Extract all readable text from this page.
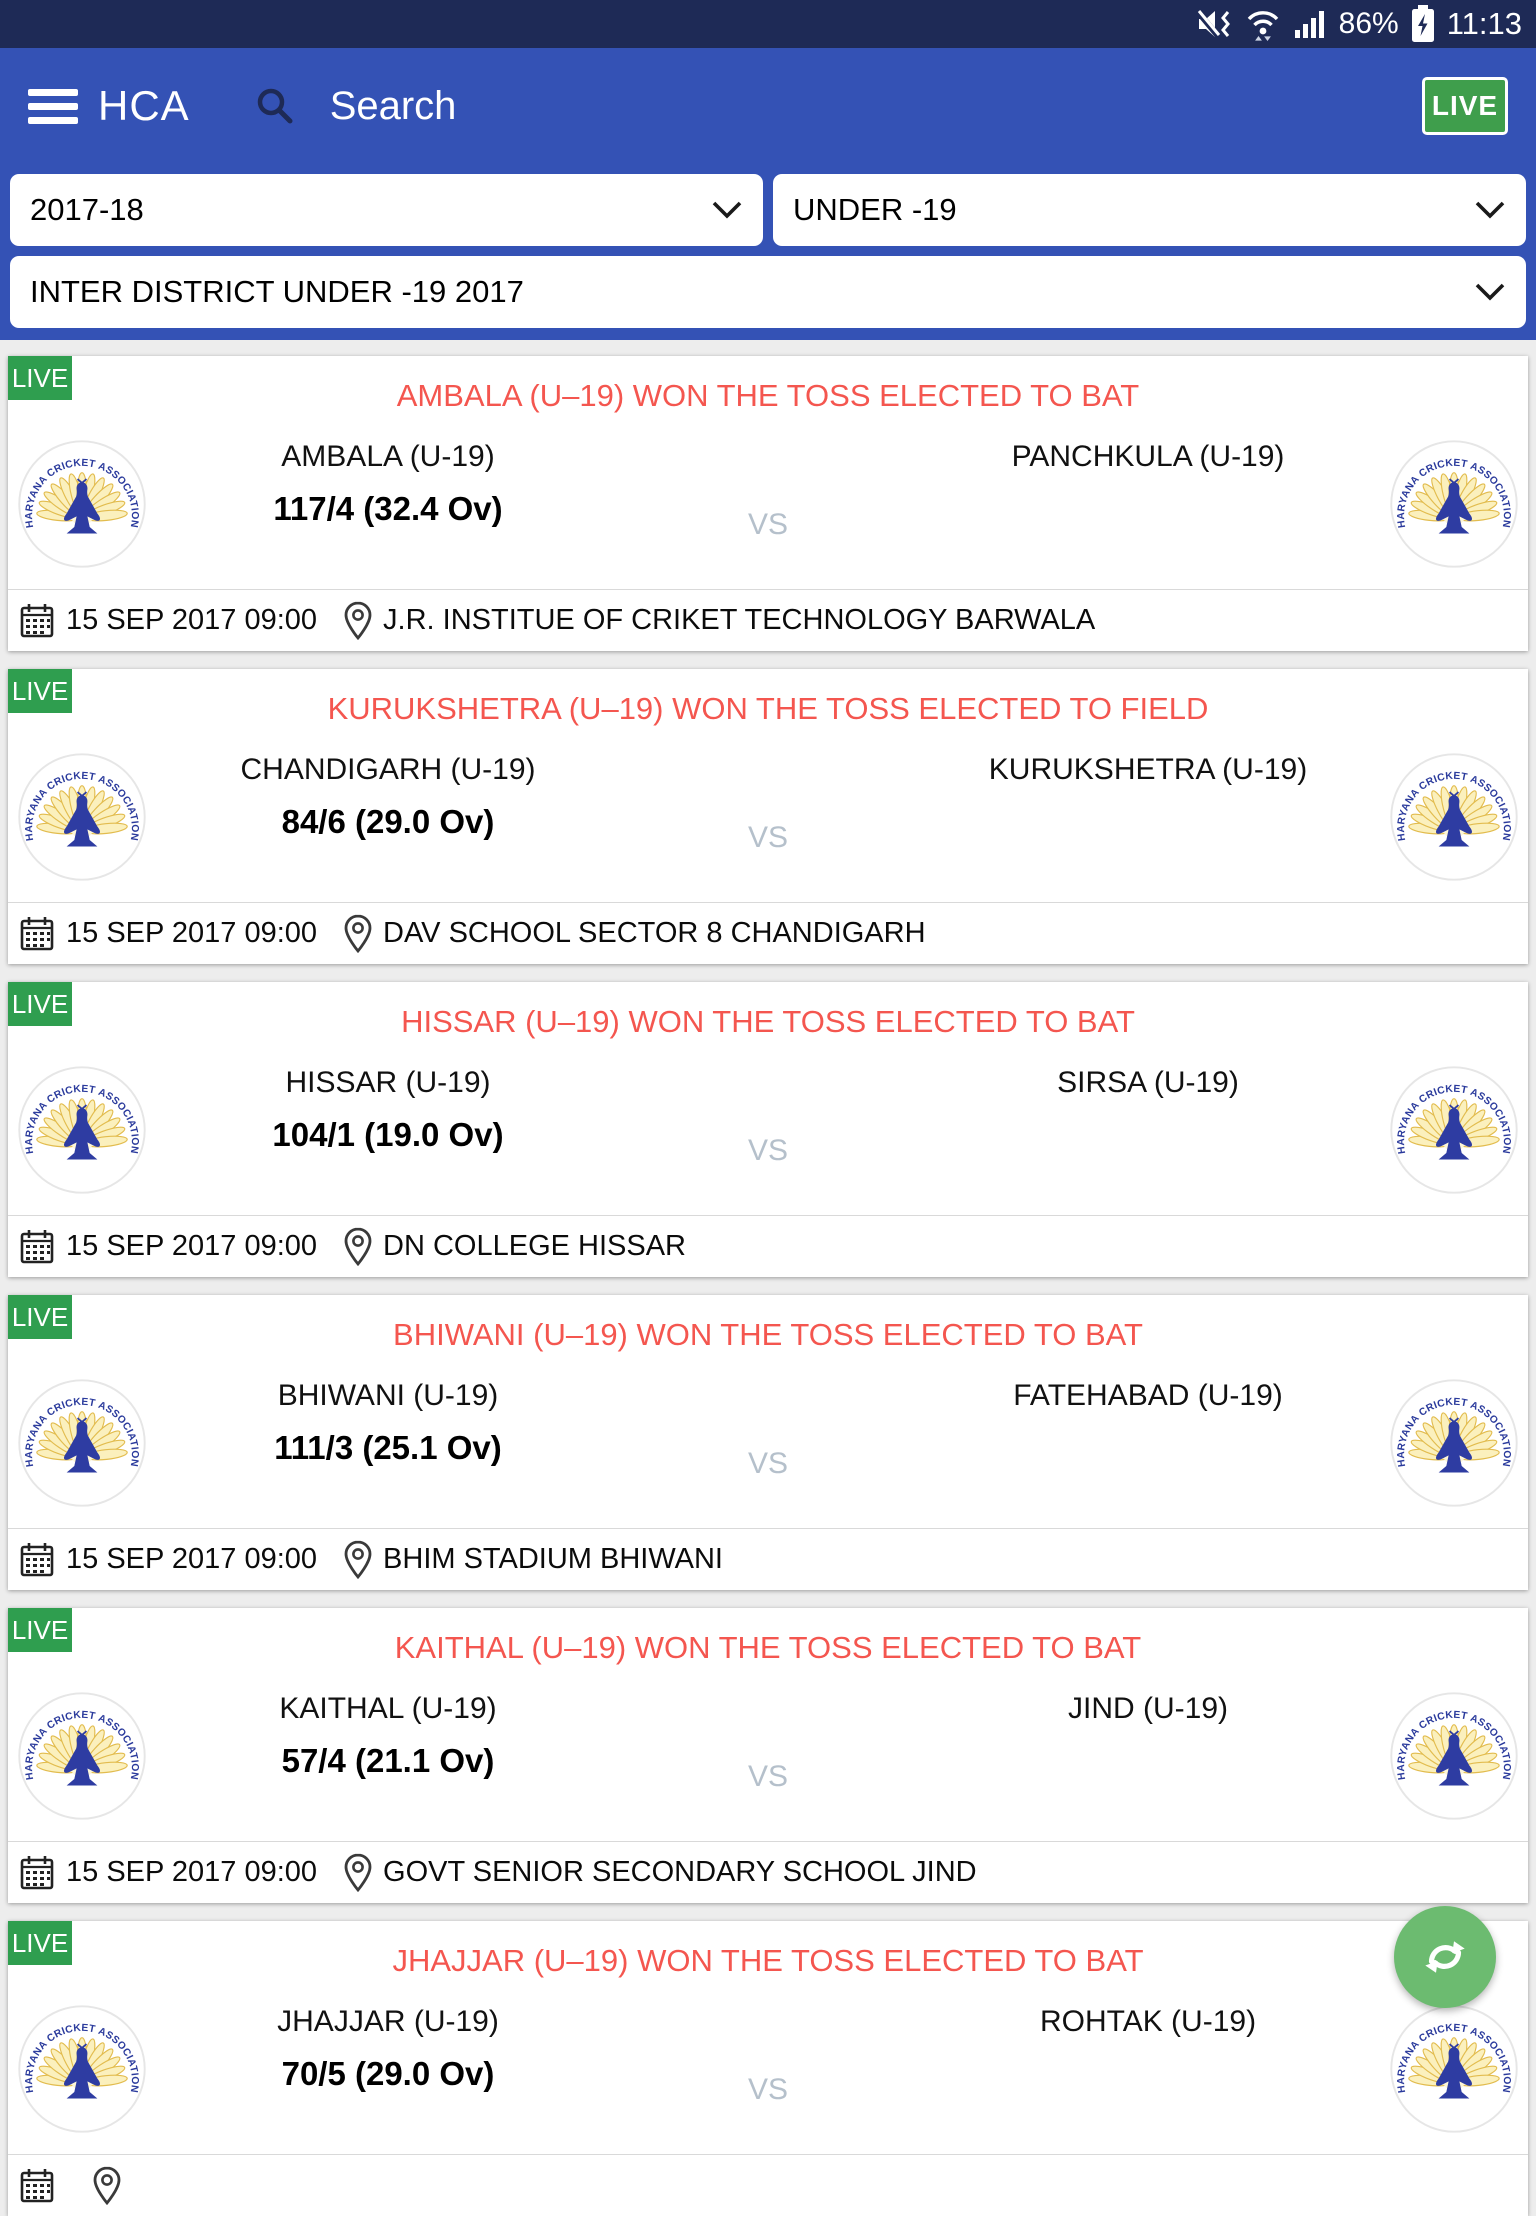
86% 11:13
HCA	Search	LIVE
2017-18	UNDER -19
INTER DISTRICT UNDER -19 2017
LIVE
AMBALA (U–19) WON THE TOSS ELECTED TO BAT
AMBALA (U-19)	PANCHKULA (U-19)
117/4 (32.4 Ov)	VS
15 SEP 2017 09:00 J.R. INSTITUE OF CRIKET TECHNOLOGY BARWALA
LIVE
KURUKSHETRA (U–19) WON THE TOSS ELECTED TO FIELD
CHANDIGARH (U-19)	KURUKSHETRA (U-19)
84/6 (29.0 Ov)	VS
15 SEP 2017 09:00 DAV SCHOOL SECTOR 8 CHANDIGARH
LIVE
HISSAR (U–19) WON THE TOSS ELECTED TO BAT
HISSAR (U-19)	SIRSA (U-19)
104/1 (19.0 Ov)	VS
15 SEP 2017 09:00 DN COLLEGE HISSAR
LIVE
BHIWANI (U–19) WON THE TOSS ELECTED TO BAT
BHIWANI (U-19)	FATEHABAD (U-19)
111/3 (25.1 Ov)	VS
15 SEP 2017 09:00 BHIM STADIUM BHIWANI
LIVE
KAITHAL (U–19) WON THE TOSS ELECTED TO BAT
KAITHAL (U-19)	JIND (U-19)
57/4 (21.1 Ov)	VS
15 SEP 2017 09:00 GOVT SENIOR SECONDARY SCHOOL JIND
LIVE
JHAJJAR (U–19) WON THE TOSS ELECTED TO BAT
JHAJJAR (U-19)	ROHTAK (U-19)
70/5 (29.0 Ov)	VS
